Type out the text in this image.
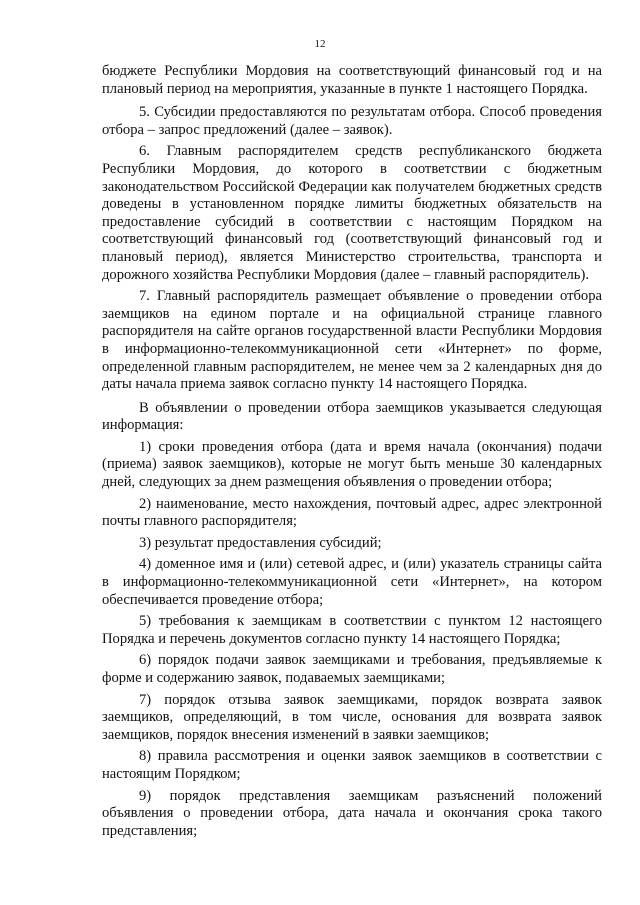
12

бюджете Республики Мордовия на соответствующий финансовый год и на плановый период на мероприятия, указанные в пункте 1 настоящего Порядка.

5. Субсидии предоставляются по результатам отбора. Способ проведения отбора – запрос предложений (далее – заявок).

6. Главным распорядителем средств республиканского бюджета Республики Мордовия, до которого в соответствии с бюджетным законодательством Российской Федерации как получателем бюджетных средств доведены в установленном порядке лимиты бюджетных обязательств на предоставление субсидий в соответствии с настоящим Порядком на соответствующий финансовый год (соответствующий финансовый год и плановый период), является Министерство строительства, транспорта и дорожного хозяйства Республики Мордовия (далее – главный распорядитель).

7. Главный распорядитель размещает объявление о проведении отбора заемщиков на едином портале и на официальной странице главного распорядителя на сайте органов государственной власти Республики Мордовия в информационно-телекоммуникационной сети «Интернет» по форме, определенной главным распорядителем, не менее чем за 2 календарных дня до даты начала приема заявок согласно пункту 14 настоящего Порядка.

В объявлении о проведении отбора заемщиков указывается следующая информация:

1) сроки проведения отбора (дата и время начала (окончания) подачи (приема) заявок заемщиков), которые не могут быть меньше 30 календарных дней, следующих за днем размещения объявления о проведении отбора;

2) наименование, место нахождения, почтовый адрес, адрес электронной почты главного распорядителя;

3) результат предоставления субсидий;

4) доменное имя и (или) сетевой адрес, и (или) указатель страницы сайта в информационно-телекоммуникационной сети «Интернет», на котором обеспечивается проведение отбора;

5) требования к заемщикам в соответствии с пунктом 12 настоящего Порядка и перечень документов согласно пункту 14 настоящего Порядка;

6) порядок подачи заявок заемщиками и требования, предъявляемые к форме и содержанию заявок, подаваемых заемщиками;

7) порядок отзыва заявок заемщиками, порядок возврата заявок заемщиков, определяющий, в том числе, основания для возврата заявок заемщиков, порядок внесения изменений в заявки заемщиков;

8) правила рассмотрения и оценки заявок заемщиков в соответствии с настоящим Порядком;

9) порядок представления заемщикам разъяснений положений объявления о проведении отбора, дата начала и окончания срока такого представления;
